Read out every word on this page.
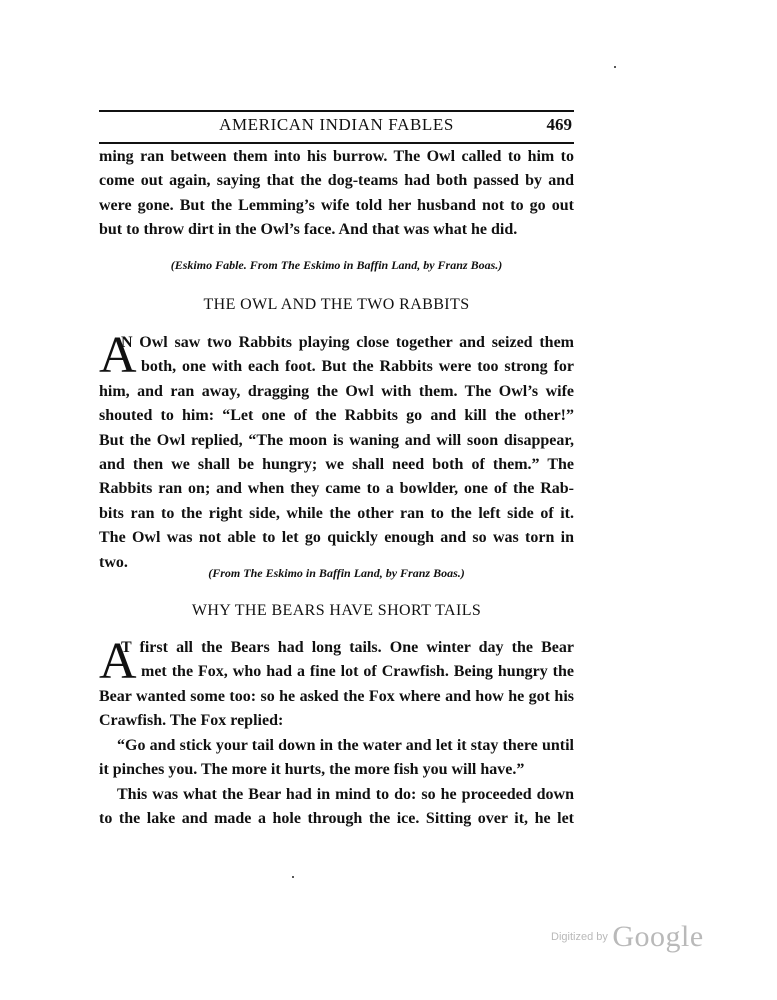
AMERICAN INDIAN FABLES	469

ming ran between them into his burrow. The Owl called to him to
come out again, saying that the dog-teams had both passed by and
were gone. But the Lemming’s wife told her husband not to go out
but to throw dirt in the Owl’s face. And that was what he did.

(Eskimo Fable. From The Eskimo in Baffin Land, by Franz Boas.)

THE OWL AND THE TWO RABBITS
A

N Owl saw two Rabbits playing close together and seized them
both, one with each foot. But the Rabbits were too strong for
him, and ran away, dragging the Owl with them. The Owl’s wife
shouted to him: “Let one of the Rabbits go and kill the other!”
But the Owl replied, “The moon is waning and will soon disappear,
and then we shall be hungry; we shall need both of them.” The
Rabbits ran on; and when they came to a bowlder, one of the Rab-
bits ran to the right side, while the other ran to the left side of it.
The Owl was not able to let go quickly enough and so was torn in two.

(From The Eskimo in Baffin Land, by Franz Boas.)

WHY THE BEARS HAVE SHORT TAILS
A

T first all the Bears had long tails. One winter day the Bear
met the Fox, who had a fine lot of Crawfish. Being hungry the
Bear wanted some too: so he asked the Fox where and how he got his
Crawfish. The Fox replied:

“Go and stick your tail down in the water and let it stay there until
it pinches you. The more it hurts, the more fish you will have.”

This was what the Bear had in mind to do: so he proceeded down
to the lake and made a hole through the ice. Sitting over it, he let

Digitized by Google
